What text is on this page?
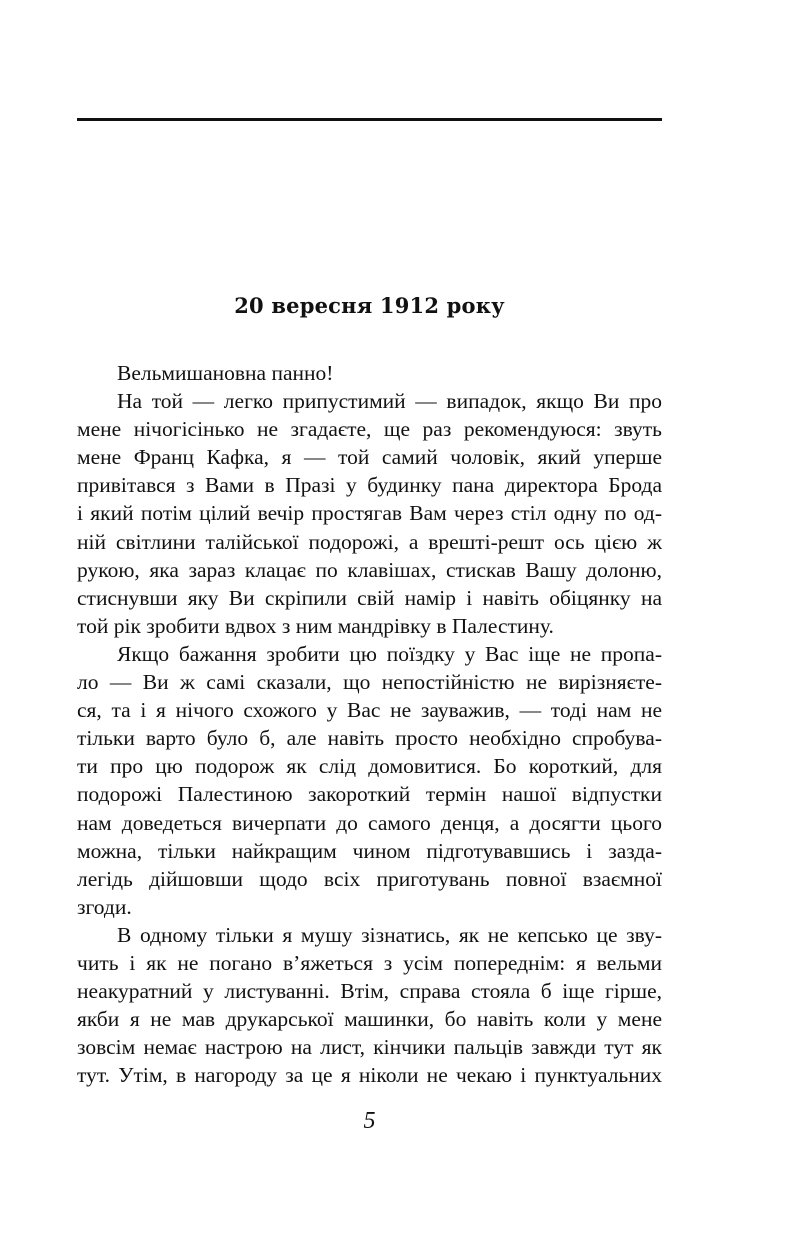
20 вересня 1912 року
Вельмишановна панно!
На той — легко припустимий — випадок, якщо Ви про
мене нічогісінько не згадаєте, ще раз рекомендуюся: звуть
мене Франц Кафка, я — той самий чоловік, який уперше
привітався з Вами в Празі у будинку пана директора Брода
і який потім цілий вечір простягав Вам через стіл одну по од-
ній світлини талійської подорожі, а врешті-решт ось цією ж
рукою, яка зараз клацає по клавішах, стискав Вашу долоню,
стиснувши яку Ви скріпили свій намір і навіть обіцянку на
той рік зробити вдвох з ним мандрівку в Палестину.
Якщо бажання зробити цю поїздку у Вас іще не пропа-
ло — Ви ж самі сказали, що непостійністю не вирізняєте-
ся, та і я нічого схожого у Вас не зауважив, — тоді нам не
тільки варто було б, але навіть просто необхідно спробува-
ти про цю подорож як слід домовитися. Бо короткий, для
подорожі Палестиною закороткий термін нашої відпустки
нам доведеться вичерпати до самого денця, а досягти цього
можна, тільки найкращим чином підготувавшись і зазда-
легідь дійшовши щодо всіх приготувань повної взаємної
згоди.
В одному тільки я мушу зізнатись, як не кепсько це зву-
чить і як не погано в’яжеться з усім попереднім: я вельми
неакуратний у листуванні. Втім, справа стояла б іще гірше,
якби я не мав друкарської машинки, бо навіть коли у мене
зовсім немає настрою на лист, кінчики пальців завжди тут як
тут. Утім, в нагороду за це я ніколи не чекаю і пунктуальних
5
